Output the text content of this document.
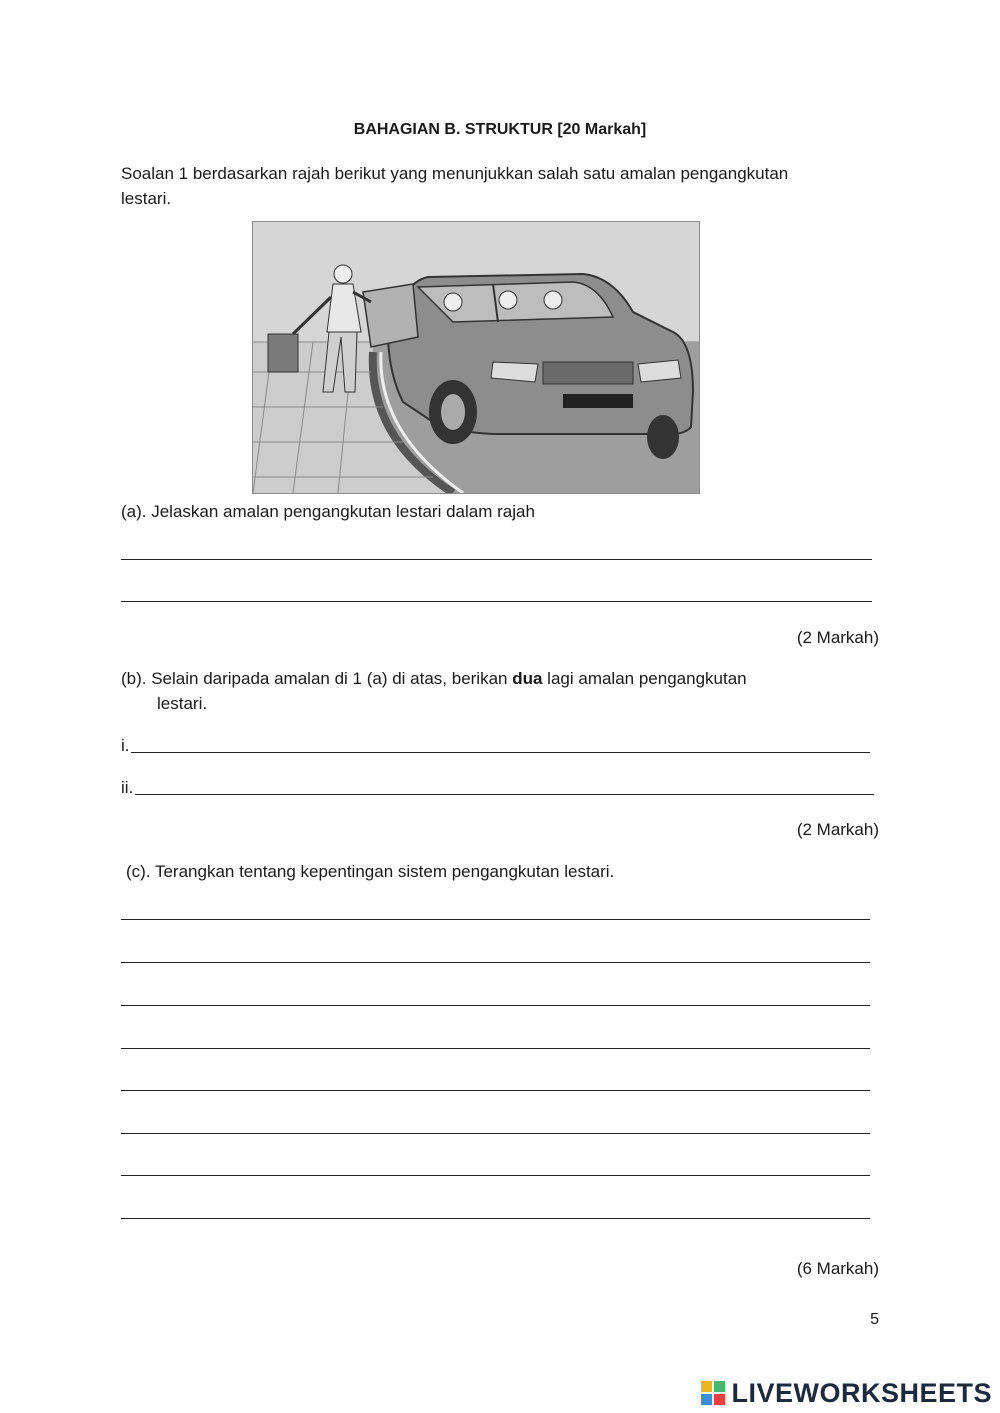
BAHAGIAN B. STRUKTUR [20 Markah]
Soalan 1 berdasarkan rajah berikut yang menunjukkan salah satu amalan pengangkutan
lestari.
(a). Jelaskan amalan pengangkutan lestari dalam rajah
(2 Markah)
(b). Selain daripada amalan di 1 (a) di atas, berikan dua lagi amalan pengangkutan
lestari.
i.
ii.
(2 Markah)
(c). Terangkan tentang kepentingan sistem pengangkutan lestari.
(6 Markah)
5
LIVEWORKSHEETS
